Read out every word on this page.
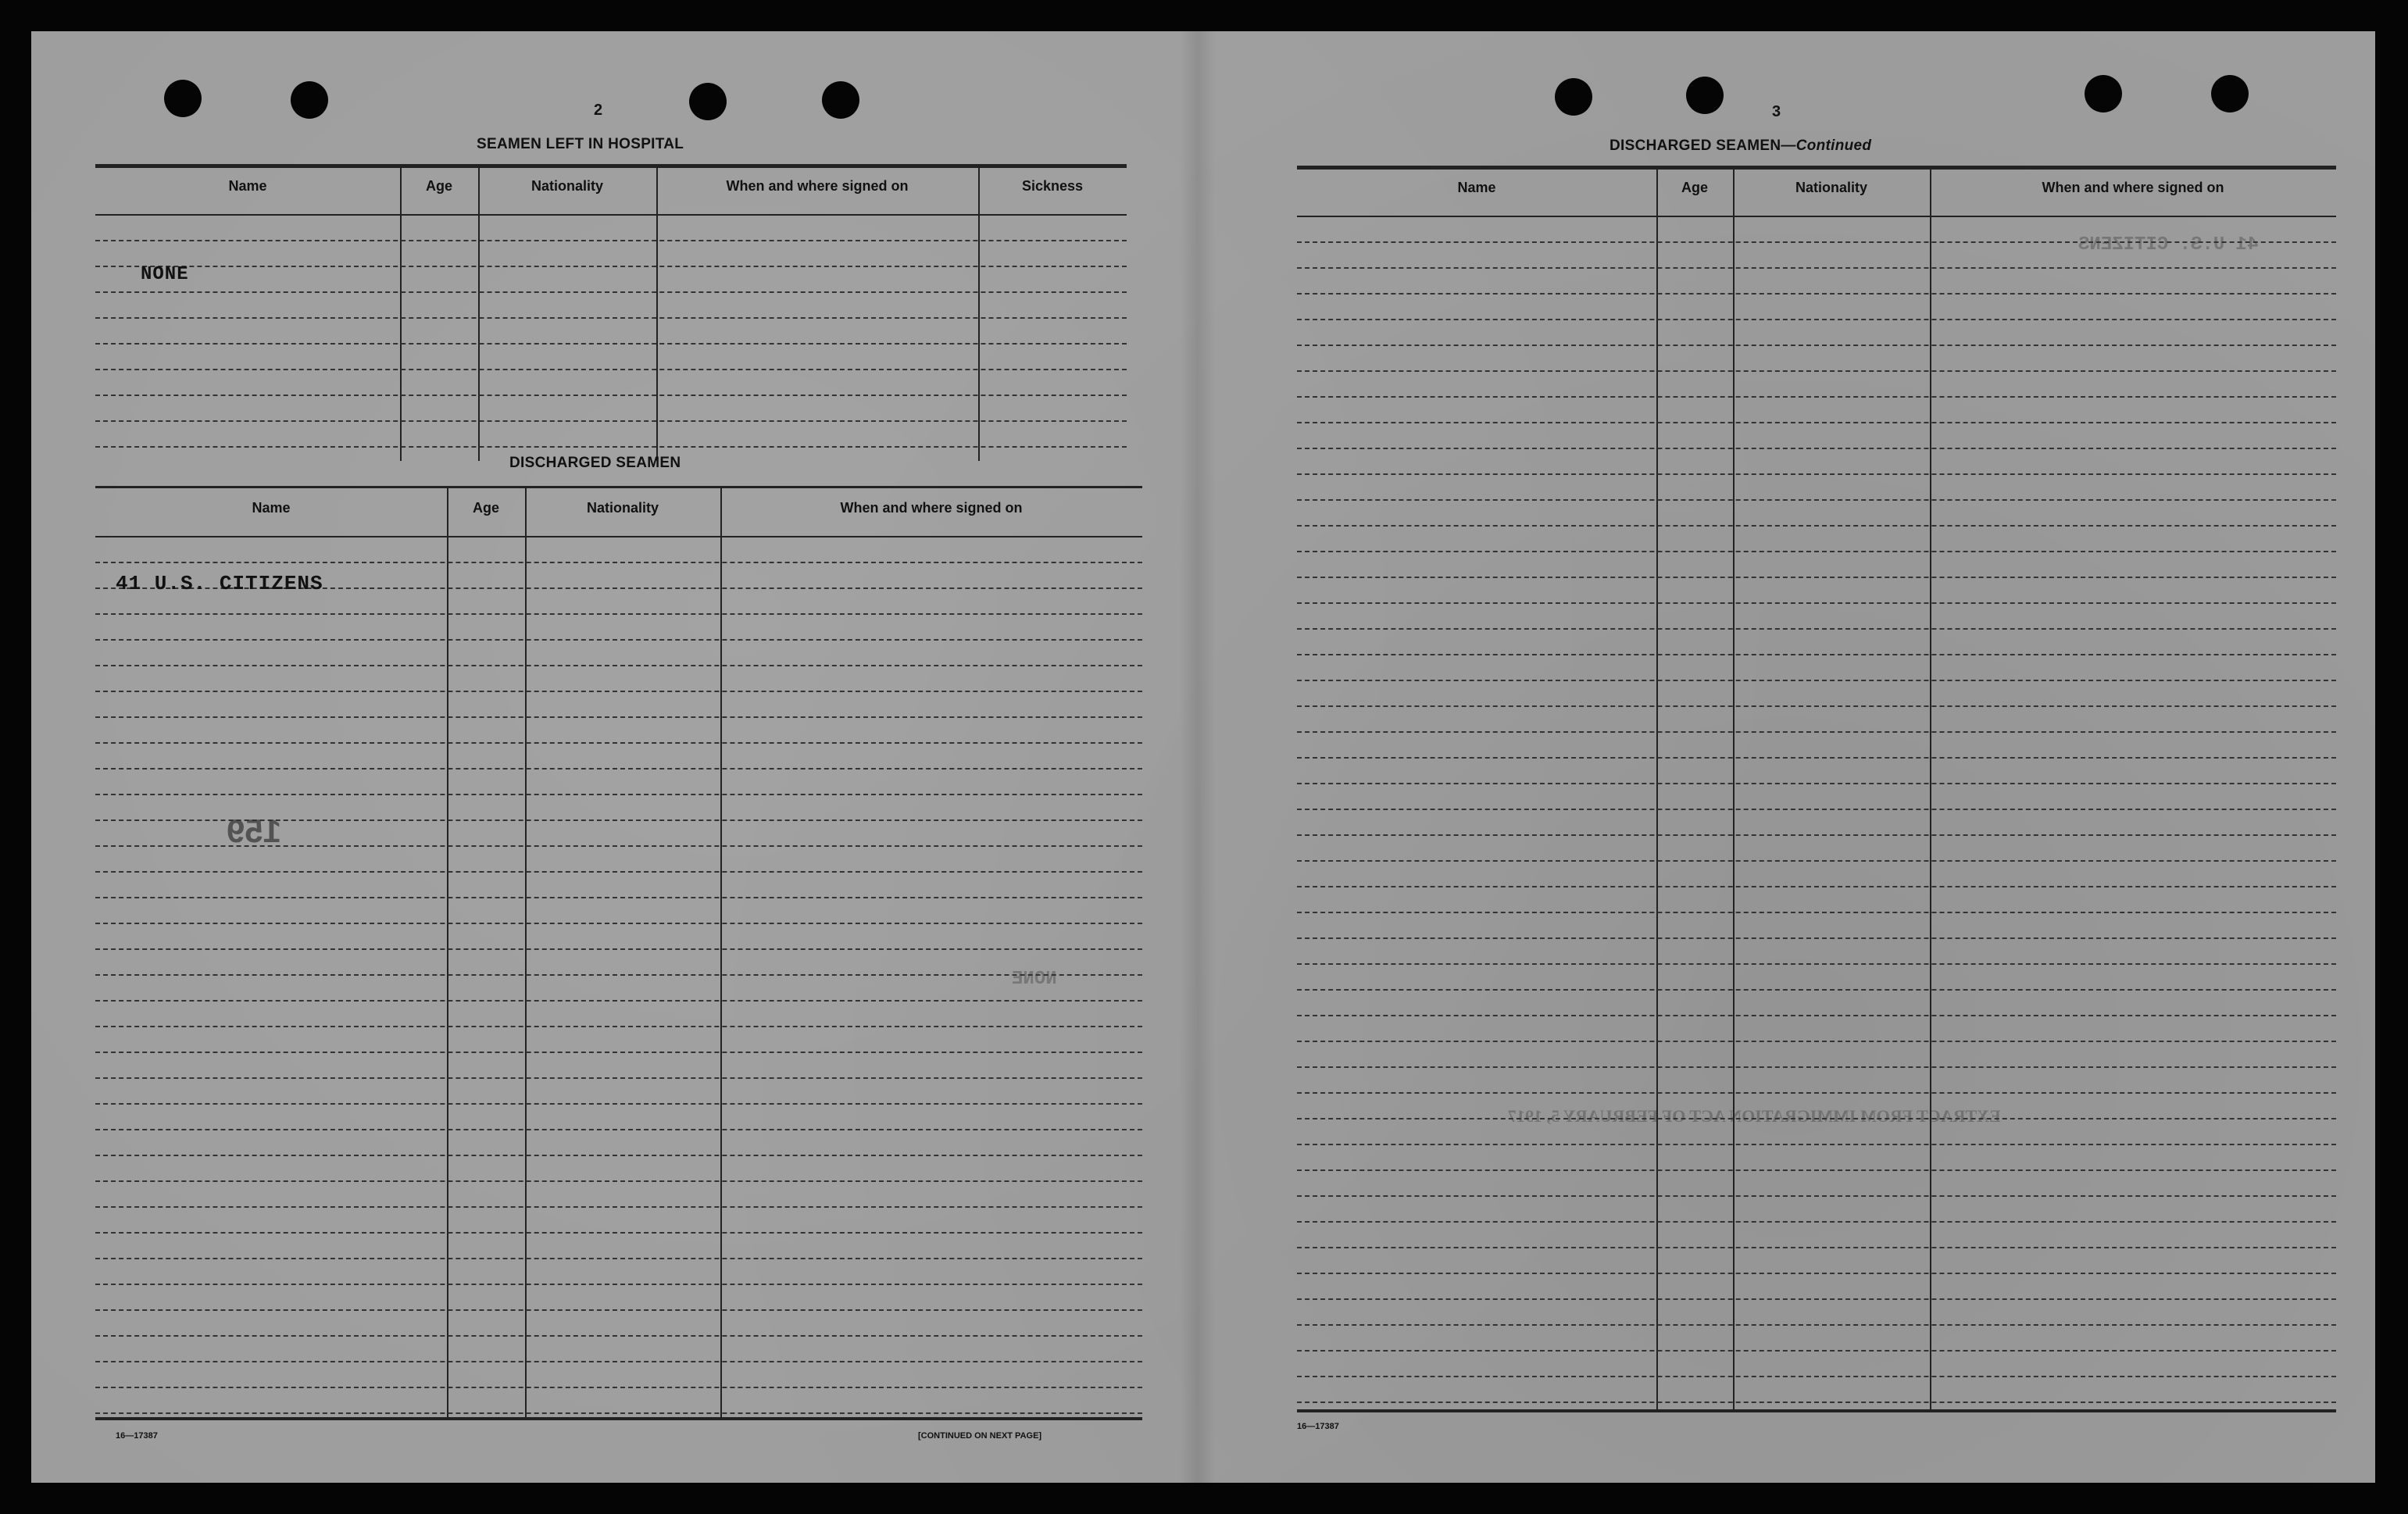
2
NONE
159
SEAMEN LEFT IN HOSPITAL
Name	Age	Nationality	When and where signed on	Sickness
NONE
DISCHARGED SEAMEN
Name	Age	Nationality	When and where signed on
41 U.S. CITIZENS
16—17387	[CONTINUED ON NEXT PAGE]
3
DISCHARGED SEAMEN—Continued
41 U.S. CITIZENS
EXTRACT FROM IMMIGRATION ACT OF FEBRUARY 5, 1917
Name	Age	Nationality	When and where signed on
16—17387
